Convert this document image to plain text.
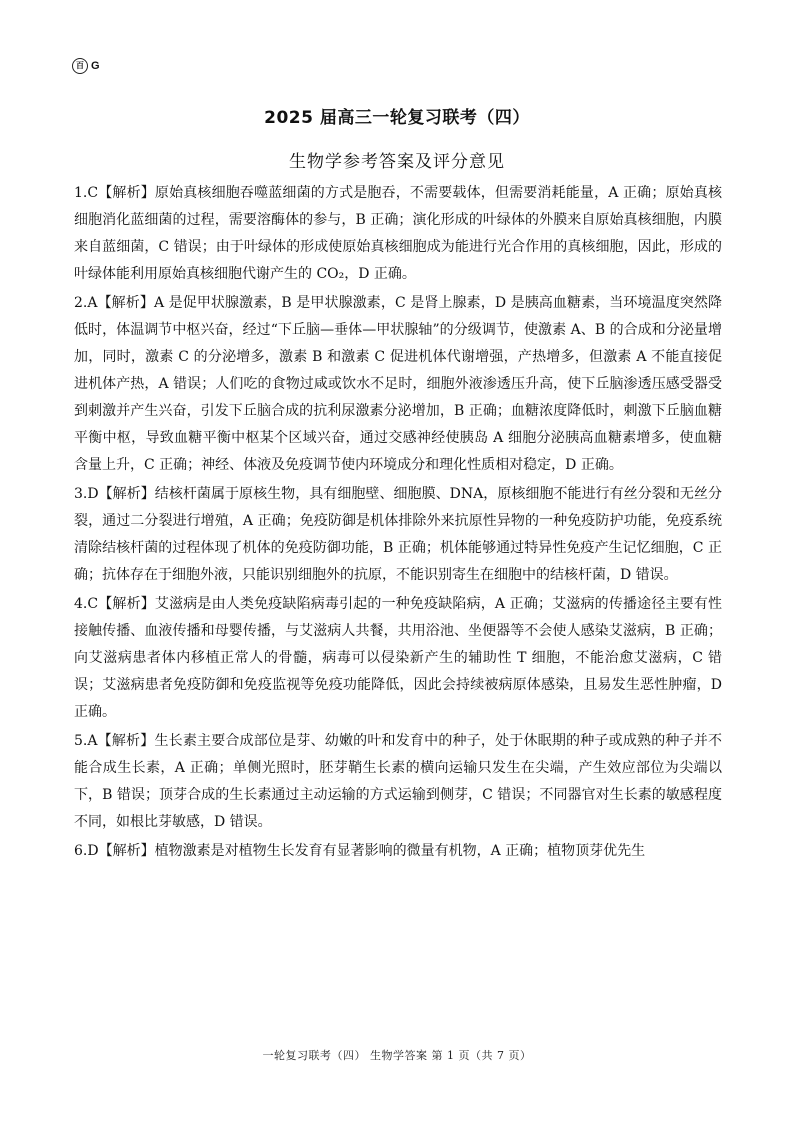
百 G
2025 届高三一轮复习联考（四）
生物学参考答案及评分意见

1.C【解析】原始真核细胞吞噬蓝细菌的方式是胞吞，不需要载体，但需要消耗能量，A 正确；原始真核细胞消化蓝细菌的过程，需要溶酶体的参与，B 正确；演化形成的叶绿体的外膜来自原始真核细胞，内膜来自蓝细菌，C 错误；由于叶绿体的形成使原始真核细胞成为能进行光合作用的真核细胞，因此，形成的叶绿体能利用原始真核细胞代谢产生的 CO₂，D 正确。

2.A【解析】A 是促甲状腺激素，B 是甲状腺激素，C 是肾上腺素，D 是胰高血糖素，当环境温度突然降低时，体温调节中枢兴奋，经过“下丘脑—垂体—甲状腺轴”的分级调节，使激素 A、B 的合成和分泌量增加，同时，激素 C 的分泌增多，激素 B 和激素 C 促进机体代谢增强，产热增多，但激素 A 不能直接促进机体产热，A 错误；人们吃的食物过咸或饮水不足时，细胞外液渗透压升高，使下丘脑渗透压感受器受到刺激并产生兴奋，引发下丘脑合成的抗利尿激素分泌增加，B 正确；血糖浓度降低时，刺激下丘脑血糖平衡中枢，导致血糖平衡中枢某个区域兴奋，通过交感神经使胰岛 A 细胞分泌胰高血糖素增多，使血糖含量上升，C 正确；神经、体液及免疫调节使内环境成分和理化性质相对稳定，D 正确。

3.D【解析】结核杆菌属于原核生物，具有细胞壁、细胞膜、DNA，原核细胞不能进行有丝分裂和无丝分裂，通过二分裂进行增殖，A 正确；免疫防御是机体排除外来抗原性异物的一种免疫防护功能，免疫系统清除结核杆菌的过程体现了机体的免疫防御功能，B 正确；机体能够通过特异性免疫产生记忆细胞，C 正确；抗体存在于细胞外液，只能识别细胞外的抗原，不能识别寄生在细胞中的结核杆菌，D 错误。

4.C【解析】艾滋病是由人类免疫缺陷病毒引起的一种免疫缺陷病，A 正确；艾滋病的传播途径主要有性接触传播、血液传播和母婴传播，与艾滋病人共餐，共用浴池、坐便器等不会使人感染艾滋病，B 正确；向艾滋病患者体内移植正常人的骨髓，病毒可以侵染新产生的辅助性 T 细胞，不能治愈艾滋病，C 错误；艾滋病患者免疫防御和免疫监视等免疫功能降低，因此会持续被病原体感染，且易发生恶性肿瘤，D 正确。

5.A【解析】生长素主要合成部位是芽、幼嫩的叶和发育中的种子，处于休眠期的种子或成熟的种子并不能合成生长素，A 正确；单侧光照时，胚芽鞘生长素的横向运输只发生在尖端，产生效应部位为尖端以下，B 错误；顶芽合成的生长素通过主动运输的方式运输到侧芽，C 错误；不同器官对生长素的敏感程度不同，如根比芽敏感，D 错误。

6.D【解析】植物激素是对植物生长发育有显著影响的微量有机物，A 正确；植物顶芽优先生

一轮复习联考（四） 生物学答案 第 1 页（共 7 页）
